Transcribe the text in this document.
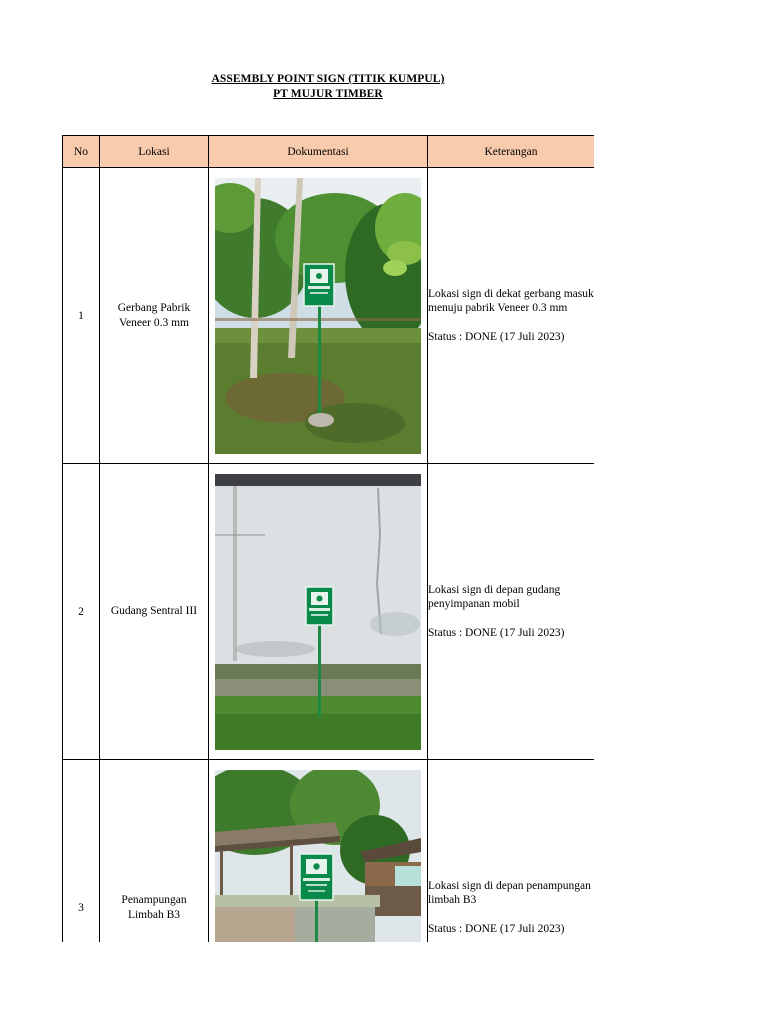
ASSEMBLY POINT SIGN (TITIK KUMPUL)
PT MUJUR TIMBER
No	Lokasi	Dokumentasi	Keterangan
1	Gerbang Pabrik Veneer 0.3 mm		Lokasi sign di dekat gerbang masuk menuju pabrik Veneer 0.3 mm
Status : DONE (17 Juli 2023)

2	Gudang Sentral III		Lokasi sign di depan gudang penyimpanan mobil
Status : DONE (17 Juli 2023)

3	Penampungan Limbah B3		Lokasi sign di depan penampungan limbah B3
Status : DONE (17 Juli 2023)
